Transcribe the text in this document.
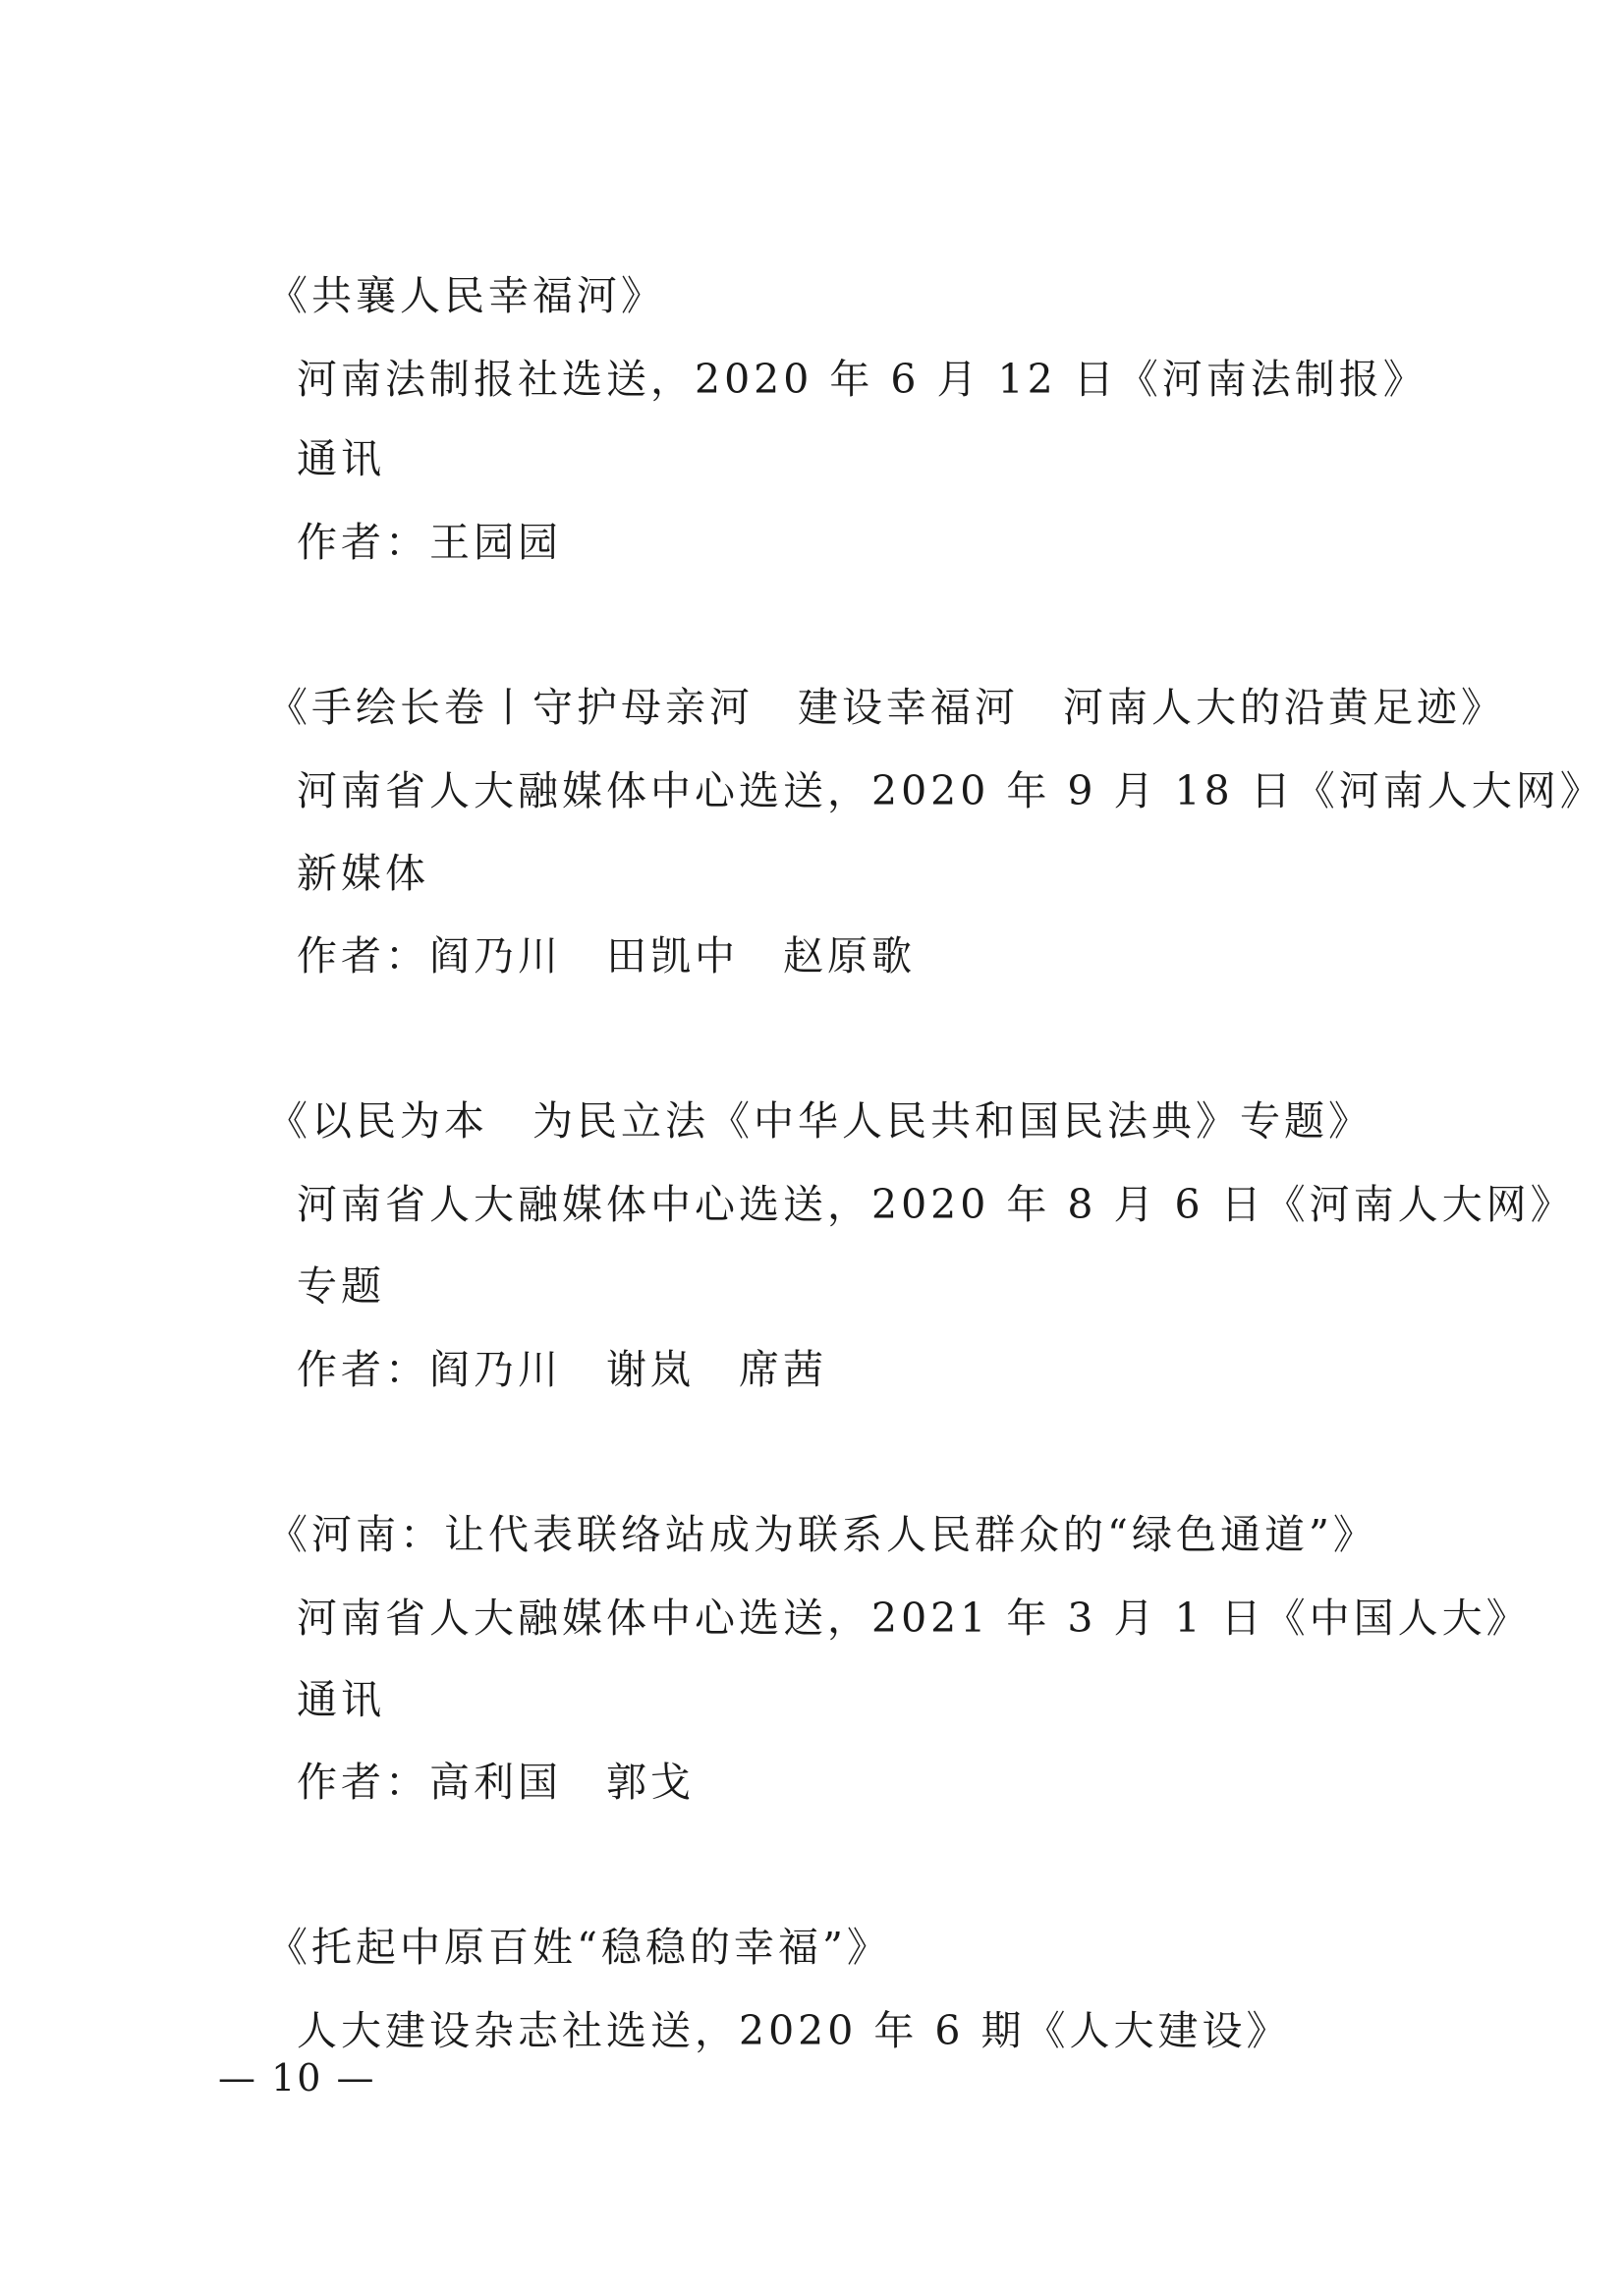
《共襄人民幸福河》
河南法制报社选送，2020 年 6 月 12 日《河南法制报》
通讯
作者：王园园
《手绘长卷丨守护母亲河　建设幸福河　河南人大的沿黄足迹》
河南省人大融媒体中心选送，2020 年 9 月 18 日《河南人大网》
新媒体
作者：阎乃川　田凯中　赵原歌
《以民为本　为民立法《中华人民共和国民法典》专题》
河南省人大融媒体中心选送，2020 年 8 月 6 日《河南人大网》
专题
作者：阎乃川　谢岚　席茜
《河南：让代表联络站成为联系人民群众的“绿色通道”》
河南省人大融媒体中心选送，2021 年 3 月 1 日《中国人大》
通讯
作者：高利国　郭戈
《托起中原百姓“稳稳的幸福”》
人大建设杂志社选送，2020 年 6 期《人大建设》
— 10 —
